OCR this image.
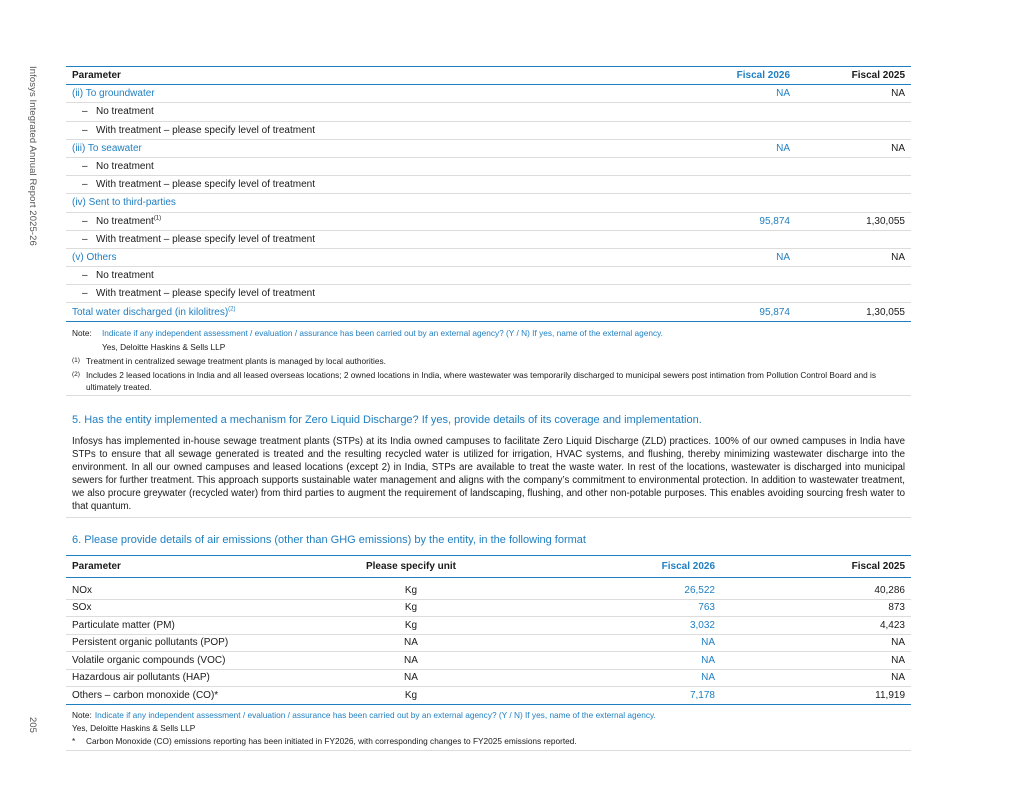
Infosys Integrated Annual Report 2025-26
205
Parameter	Fiscal 2026	Fiscal 2025
(ii) To groundwater	NA	NA
– No treatment		
– With treatment – please specify level of treatment		
(iii) To seawater	NA	NA
– No treatment		
– With treatment – please specify level of treatment		
(iv) Sent to third-parties		
– No treatment$^{(1)}$	95,874	1,30,055
– With treatment – please specify level of treatment		
(v) Others	NA	NA
– No treatment		
– With treatment – please specify level of treatment		
Total water discharged (in kilolitres)$^{(2)}$	95,874	1,30,055
Note:	Indicate if any independent assessment / evaluation / assurance has been carried out by an external agency? (Y / N) If yes, name of the external agency.
Yes, Deloitte Haskins & Sells LLP
(1) Treatment in centralized sewage treatment plants is managed by local authorities.
(2) Includes 2 leased locations in India and all leased overseas locations; 2 owned locations in India, where wastewater was temporarily discharged to municipal sewers post intimation from Pollution Control Board and is ultimately treated.
5. Has the entity implemented a mechanism for Zero Liquid Discharge? If yes, provide details of its coverage and implementation.

Infosys has implemented in-house sewage treatment plants (STPs) at its India owned campuses to facilitate Zero Liquid Discharge (ZLD) practices. 100% of our owned campuses in India have STPs to ensure that all sewage generated is treated and the resulting recycled water is utilized for irrigation, HVAC systems, and flushing, thereby minimizing wastewater discharge into the environment. In all our owned campuses and leased locations (except 2) in India, STPs are available to treat the waste water. In rest of the locations, wastewater is discharged into municipal sewers for further treatment. This approach supports sustainable water management and aligns with the company’s commitment to environmental protection. In addition to wastewater treatment, we also procure greywater (recycled water) from third parties to augment the requirement of landscaping, flushing, and other non-potable purposes. This enables avoiding sourcing fresh water to that quantum.

6. Please provide details of air emissions (other than GHG emissions) by the entity, in the following format
Parameter	Please specify unit	Fiscal 2026	Fiscal 2025
NOx	Kg	26,522	40,286
SOx	Kg	763	873
Particulate matter (PM)	Kg	3,032	4,423
Persistent organic pollutants (POP)	NA	NA	NA
Volatile organic compounds (VOC)	NA	NA	NA
Hazardous air pollutants (HAP)	NA	NA	NA
Others – carbon monoxide (CO)*	Kg	7,178	11,919
Note: Indicate if any independent assessment / evaluation / assurance has been carried out by an external agency? (Y / N) If yes, name of the external agency.
Yes, Deloitte Haskins & Sells LLP
*	Carbon Monoxide (CO) emissions reporting has been initiated in FY2026, with corresponding changes to FY2025 emissions reported.
